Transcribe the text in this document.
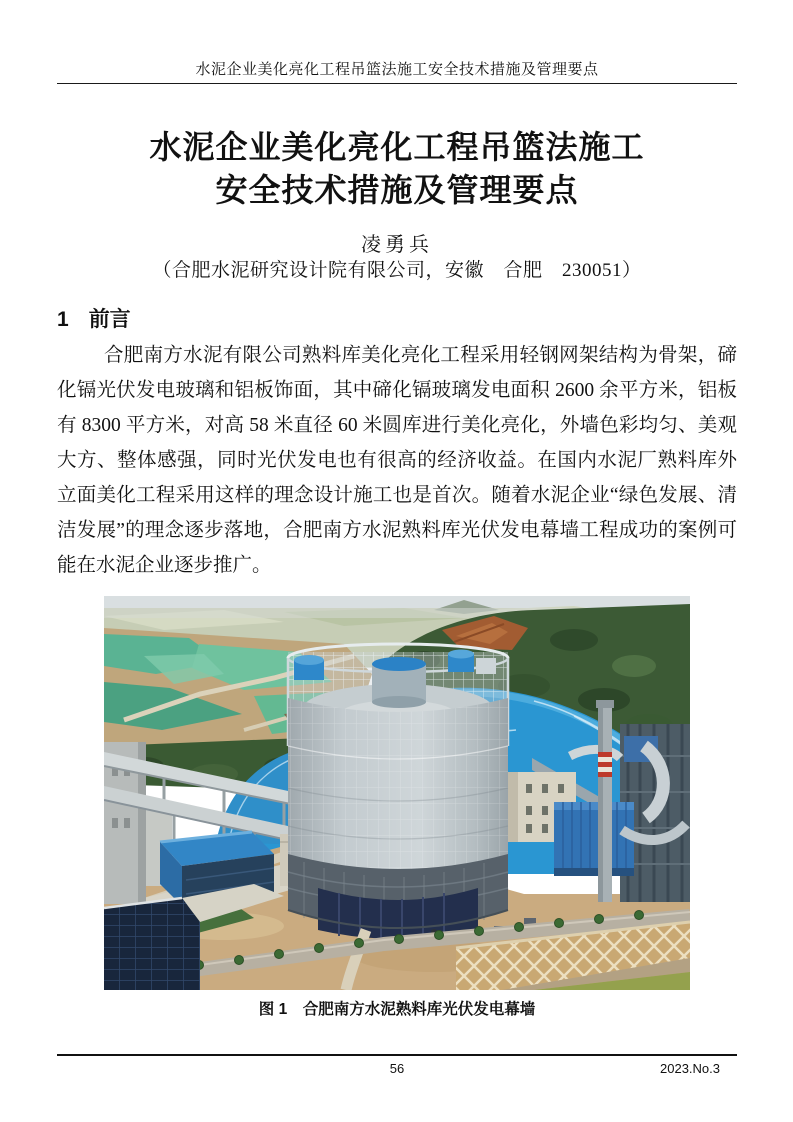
水泥企业美化亮化工程吊篮法施工安全技术措施及管理要点
水泥企业美化亮化工程吊篮法施工
安全技术措施及管理要点
凌勇兵
（合肥水泥研究设计院有限公司，安徽　合肥　230051）
1 前言

合肥南方水泥有限公司熟料库美化亮化工程采用轻钢网架结构为骨架，碲化镉光伏发电玻璃和铝板饰面，其中碲化镉玻璃发电面积 2600 余平方米，铝板有 8300 平方米，对高 58 米直径 60 米圆库进行美化亮化，外墙色彩均匀、美观大方、整体感强，同时光伏发电也有很高的经济收益。在国内水泥厂熟料库外立面美化工程采用这样的理念设计施工也是首次。随着水泥企业“绿色发展、清洁发展”的理念逐步落地，合肥南方水泥熟料库光伏发电幕墙工程成功的案例可能在水泥企业逐步推广。

图 1　合肥南方水泥熟料库光伏发电幕墙
56	2023.No.3
